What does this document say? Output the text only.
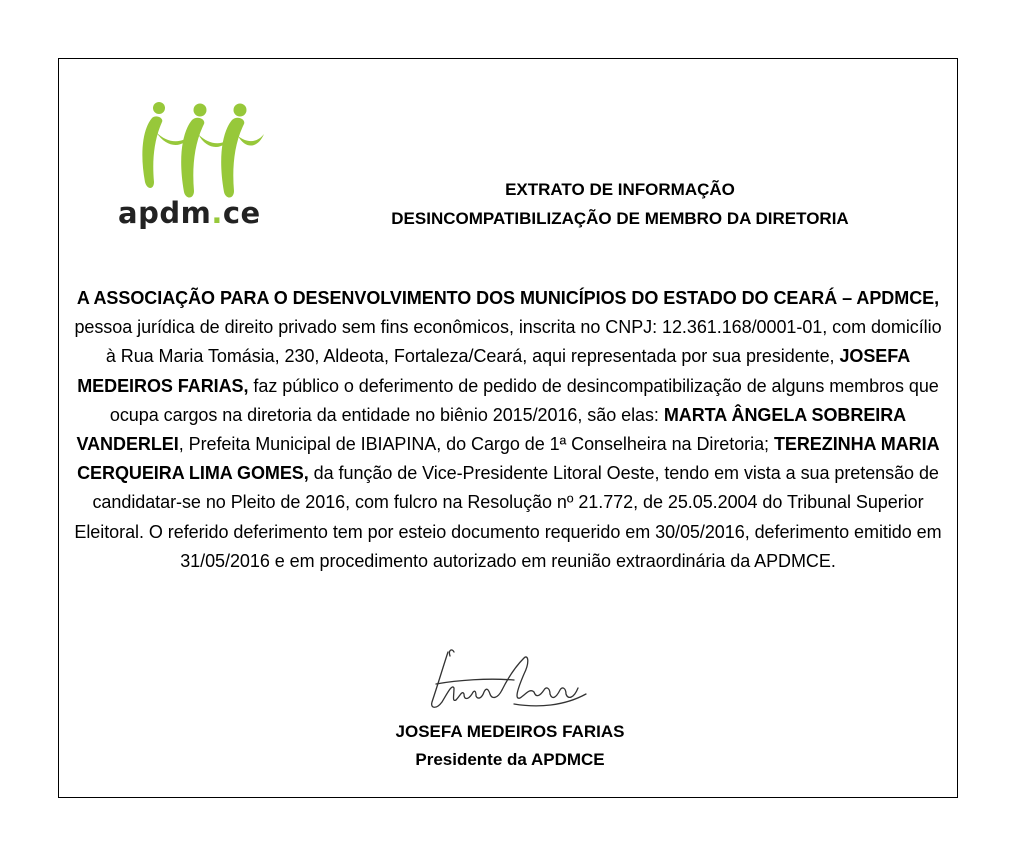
apdm.ce
EXTRATO DE INFORMAÇÃO
DESINCOMPATIBILIZAÇÃO DE MEMBRO DA DIRETORIA
A ASSOCIAÇÃO PARA O DESENVOLVIMENTO DOS MUNICÍPIOS DO ESTADO DO CEARÁ – APDMCE, pessoa jurídica de direito privado sem fins econômicos, inscrita no CNPJ: 12.361.168/0001-01, com domicílio à Rua Maria Tomásia, 230, Aldeota, Fortaleza/Ceará, aqui representada por sua presidente, JOSEFA MEDEIROS FARIAS, faz público o deferimento de pedido de desincompatibilização de alguns membros que ocupa cargos na diretoria da entidade no biênio 2015/2016, são elas: MARTA ÂNGELA SOBREIRA VANDERLEI, Prefeita Municipal de IBIAPINA, do Cargo de 1ª Conselheira na Diretoria; TEREZINHA MARIA CERQUEIRA LIMA GOMES, da função de Vice-Presidente Litoral Oeste, tendo em vista a sua pretensão de candidatar-se no Pleito de 2016, com fulcro na Resolução nº 21.772, de 25.05.2004 do Tribunal Superior Eleitoral. O referido deferimento tem por esteio documento requerido em 30/05/2016, deferimento emitido em 31/05/2016 e em procedimento autorizado em reunião extraordinária da APDMCE.
JOSEFA MEDEIROS FARIAS
Presidente da APDMCE
